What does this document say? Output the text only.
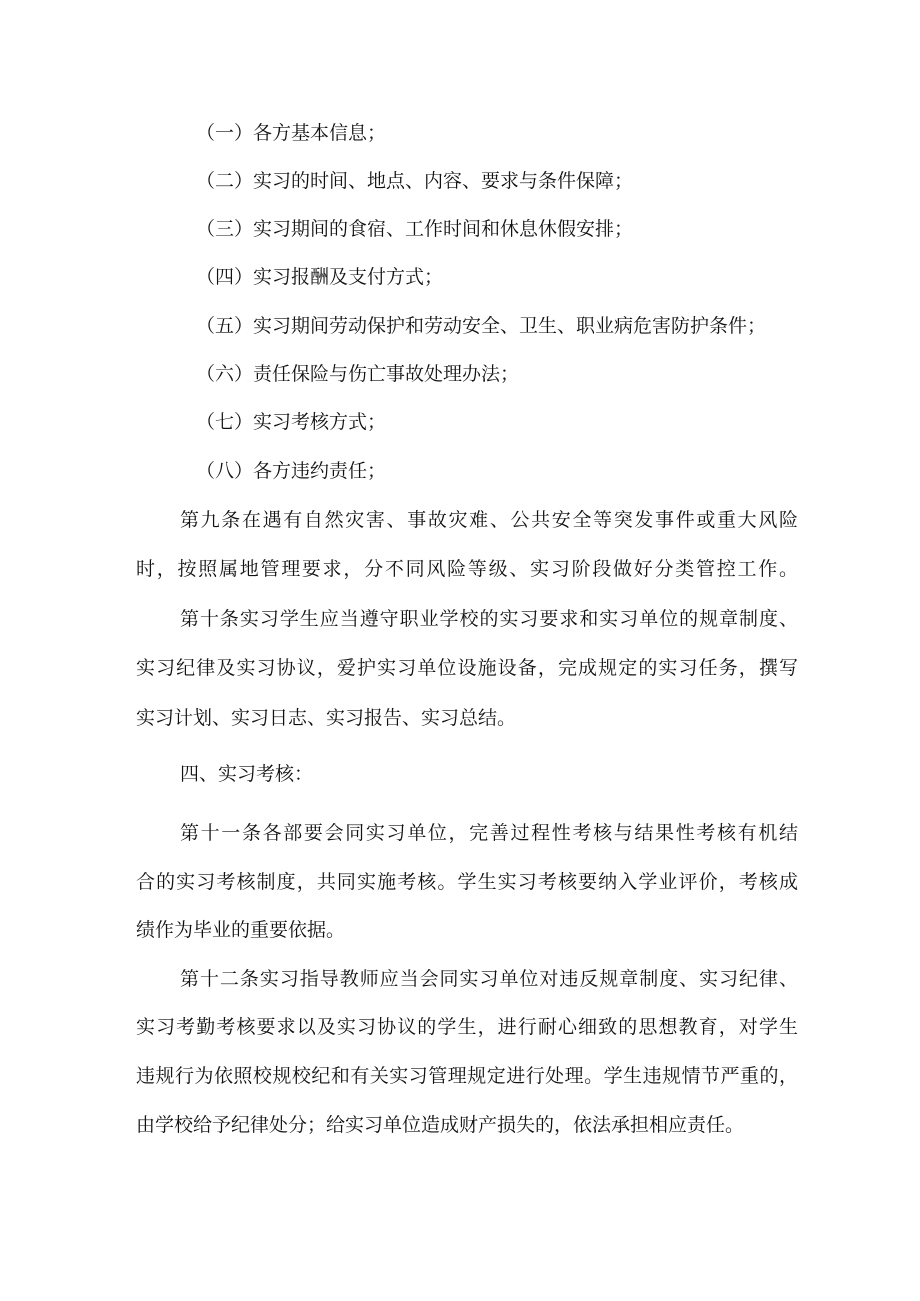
（一）各方基本信息；
（二）实习的时间、地点、内容、要求与条件保障；
（三）实习期间的食宿、工作时间和休息休假安排；
（四）实习报酬及支付方式；
（五）实习期间劳动保护和劳动安全、卫生、职业病危害防护条件；
（六）责任保险与伤亡事故处理办法；
（七）实习考核方式；
（八）各方违约责任；
第九条在遇有自然灾害、事故灾难、公共安全等突发事件或重大风险
时，按照属地管理要求，分不同风险等级、实习阶段做好分类管控工作。
第十条实习学生应当遵守职业学校的实习要求和实习单位的规章制度、
实习纪律及实习协议，爱护实习单位设施设备，完成规定的实习任务，撰写
实习计划、实习日志、实习报告、实习总结。
四、实习考核：
第十一条各部要会同实习单位，完善过程性考核与结果性考核有机结
合的实习考核制度，共同实施考核。学生实习考核要纳入学业评价，考核成
绩作为毕业的重要依据。
第十二条实习指导教师应当会同实习单位对违反规章制度、实习纪律、
实习考勤考核要求以及实习协议的学生，进行耐心细致的思想教育，对学生
违规行为依照校规校纪和有关实习管理规定进行处理。学生违规情节严重的，
由学校给予纪律处分；给实习单位造成财产损失的，依法承担相应责任。
